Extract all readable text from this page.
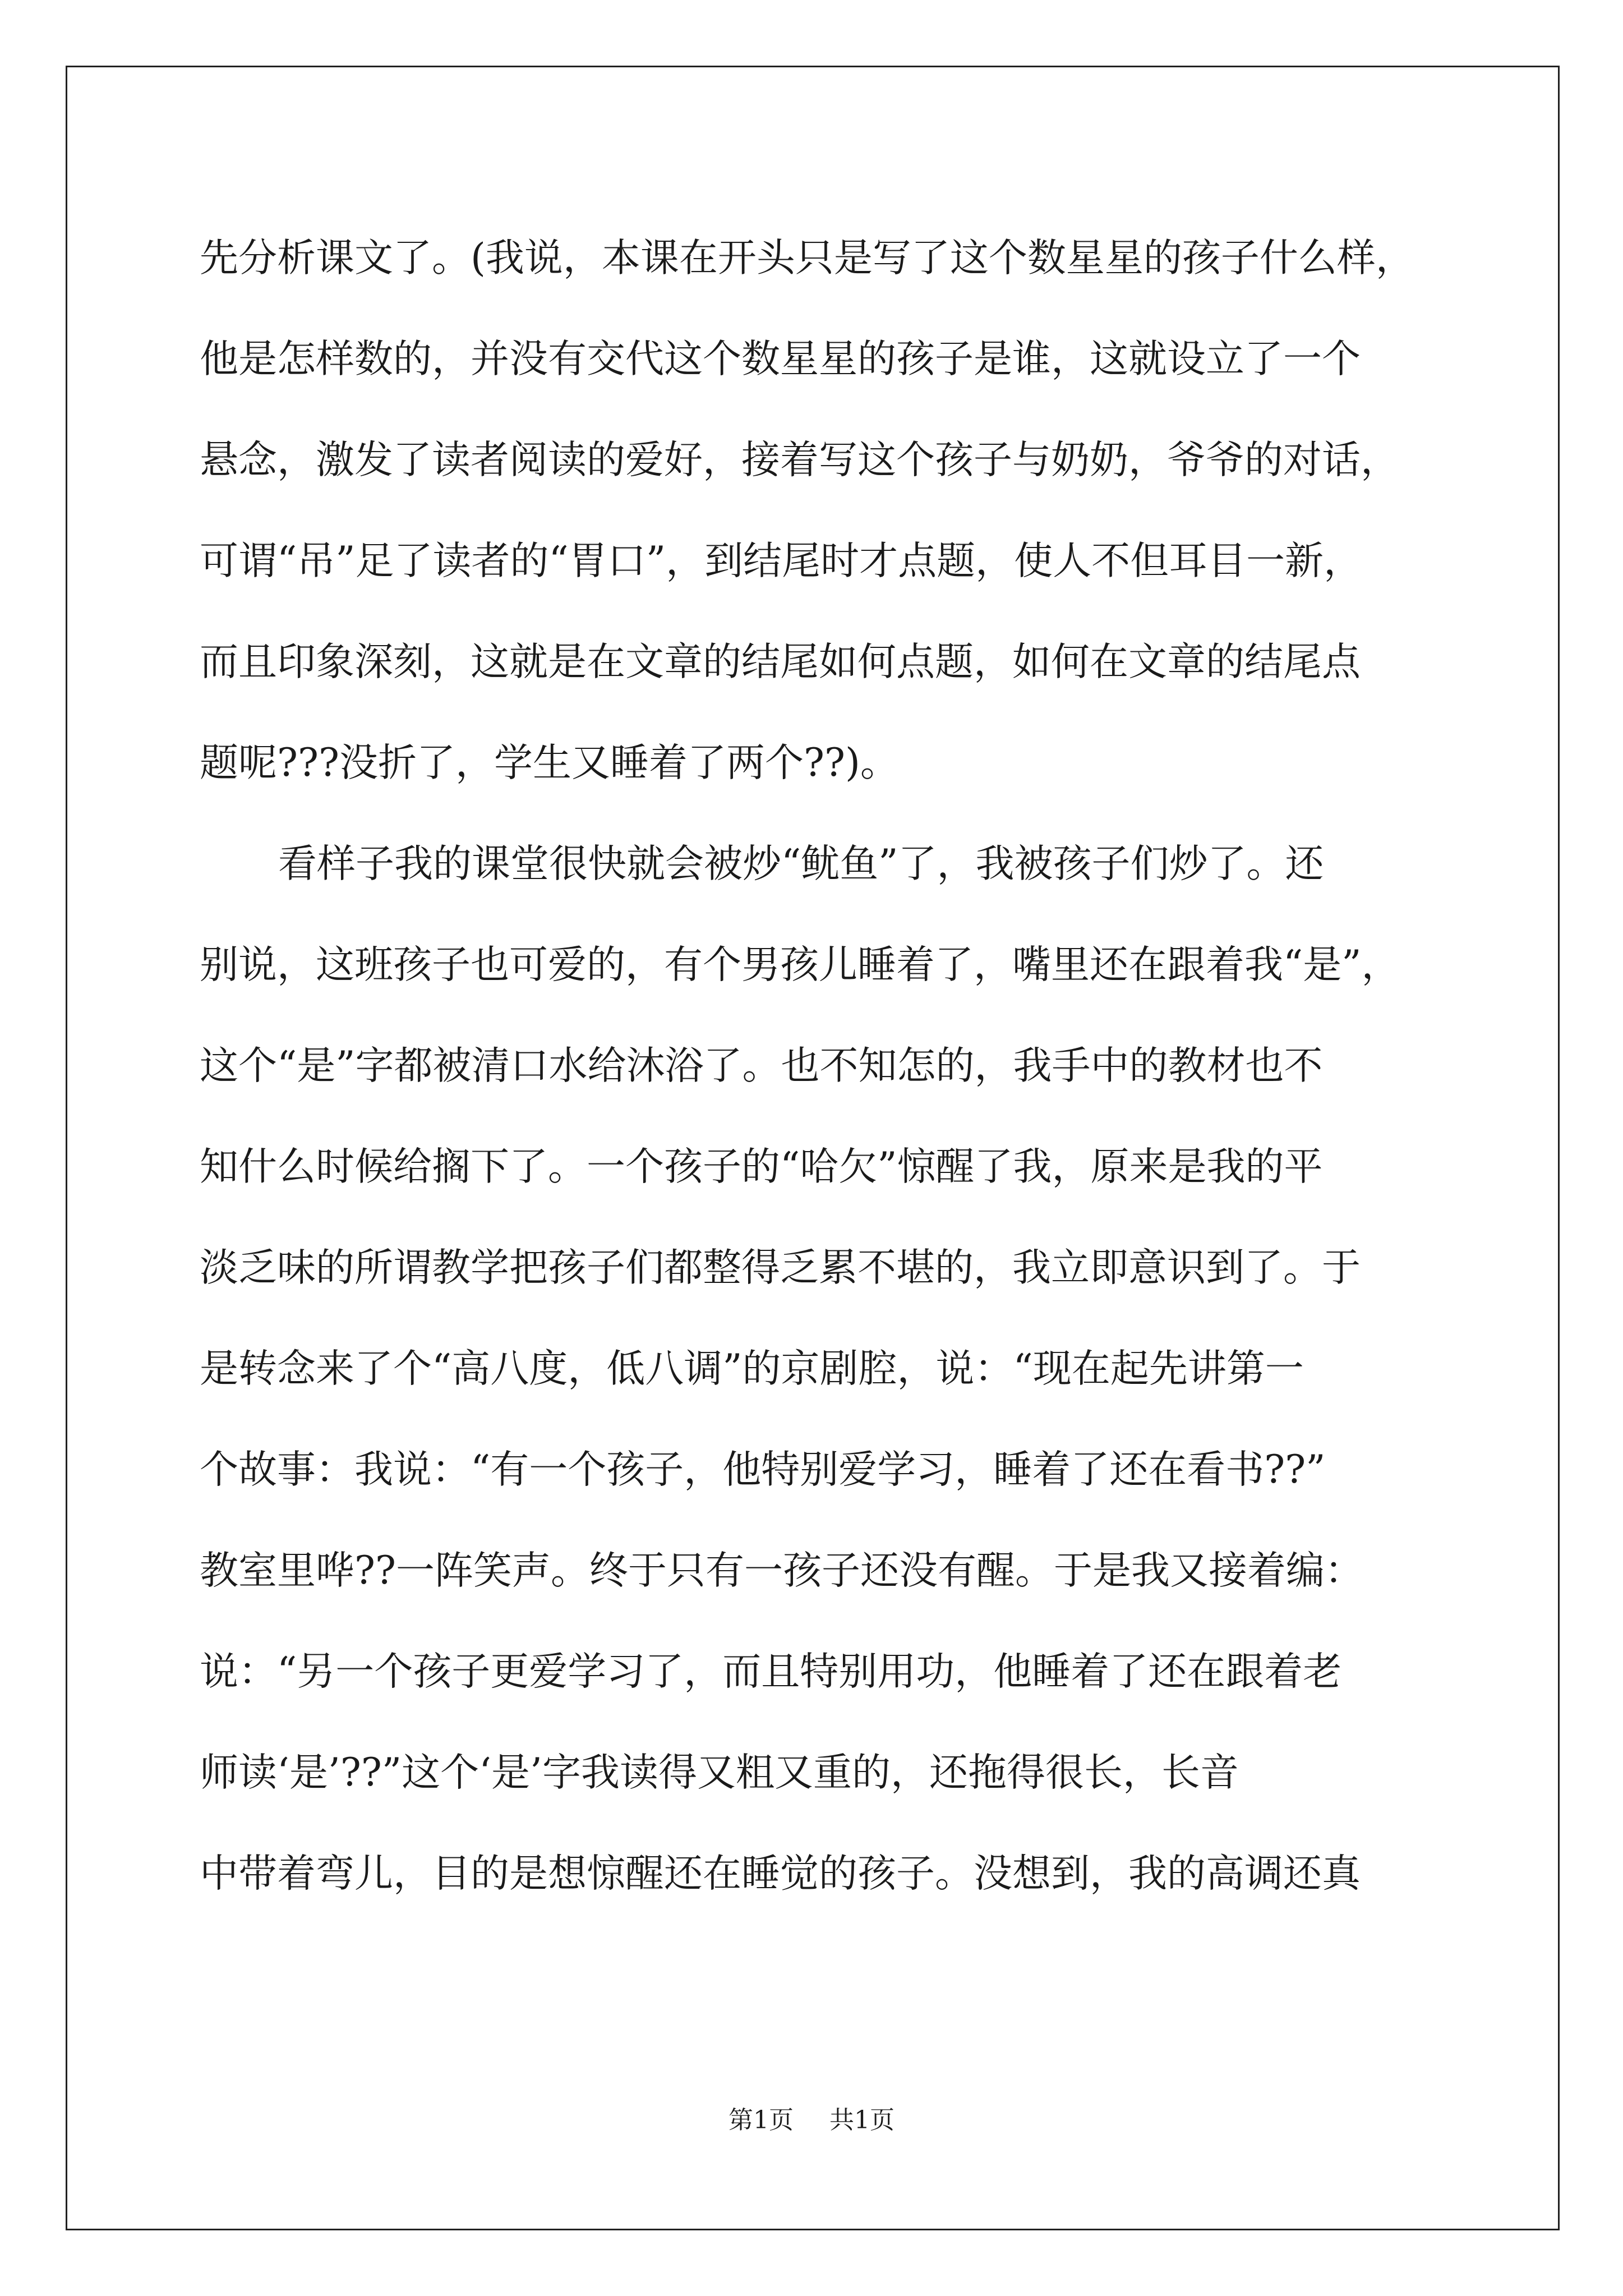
先分析课文了。(我说，本课在开头只是写了这个数星星的孩子什么样，
他是怎样数的，并没有交代这个数星星的孩子是谁，这就设立了一个
悬念，激发了读者阅读的爱好，接着写这个孩子与奶奶，爷爷的对话，
可谓“吊”足了读者的“胃口”，到结尾时才点题，使人不但耳目一新，
而且印象深刻，这就是在文章的结尾如何点题，如何在文章的结尾点
题呢???没折了，学生又睡着了两个??)。
看样子我的课堂很快就会被炒“鱿鱼”了，我被孩子们炒了。还
别说，这班孩子也可爱的，有个男孩儿睡着了，嘴里还在跟着我“是”，
这个“是”字都被清口水给沐浴了。也不知怎的，我手中的教材也不
知什么时候给搁下了。一个孩子的“哈欠”惊醒了我，原来是我的平
淡乏味的所谓教学把孩子们都整得乏累不堪的，我立即意识到了。于
是转念来了个“高八度，低八调”的京剧腔，说：“现在起先讲第一
个故事：我说：“有一个孩子，他特别爱学习，睡着了还在看书??”
教室里哗??一阵笑声。终于只有一孩子还没有醒。于是我又接着编：
说：“另一个孩子更爱学习了，而且特别用功，他睡着了还在跟着老
师读‘是’??”这个‘是’字我读得又粗又重的，还拖得很长，长音
中带着弯儿，目的是想惊醒还在睡觉的孩子。没想到，我的高调还真
第1页 共1页
